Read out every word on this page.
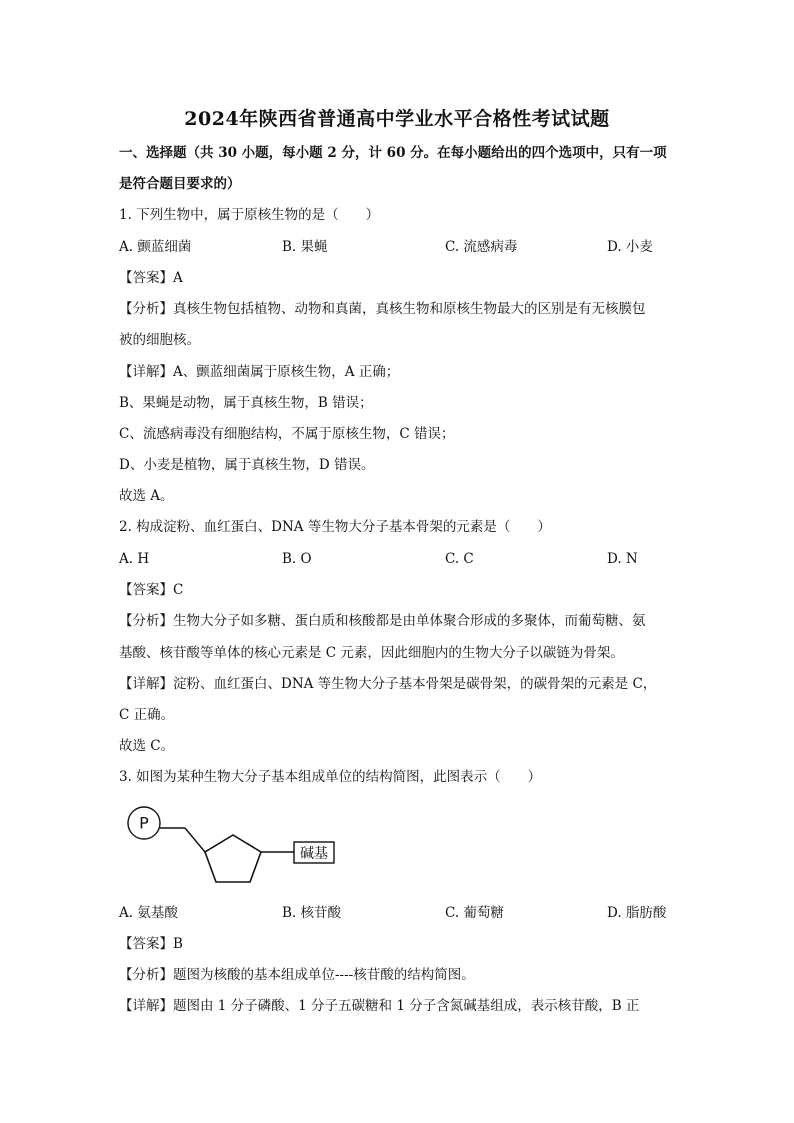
2024年陕西省普通高中学业水平合格性考试试题
一、选择题（共 30 小题，每小题 2 分，计 60 分。在每小题给出的四个选项中，只有一项
是符合题目要求的）
1. 下列生物中，属于原核生物的是（　　）
A. 颤蓝细菌	B. 果蝇	C. 流感病毒	D. 小麦
【答案】A
【分析】真核生物包括植物、动物和真菌，真核生物和原核生物最大的区别是有无核膜包
被的细胞核。
【详解】A、颤蓝细菌属于原核生物，A 正确；
B、果蝇是动物，属于真核生物，B 错误；
C、流感病毒没有细胞结构，不属于原核生物，C 错误；
D、小麦是植物，属于真核生物，D 错误。
故选 A。
2. 构成淀粉、血红蛋白、DNA 等生物大分子基本骨架的元素是（　　）
A. H	B. O	C. C	D. N
【答案】C
【分析】生物大分子如多糖、蛋白质和核酸都是由单体聚合形成的多聚体，而葡萄糖、氨
基酸、核苷酸等单体的核心元素是 C 元素，因此细胞内的生物大分子以碳链为骨架。
【详解】淀粉、血红蛋白、DNA 等生物大分子基本骨架是碳骨架，的碳骨架的元素是 C，
C 正确。
故选 C。
3. 如图为某种生物大分子基本组成单位的结构简图，此图表示（　　）
P
碱基
A. 氨基酸	B. 核苷酸	C. 葡萄糖	D. 脂肪酸
【答案】B
【分析】题图为核酸的基本组成单位----核苷酸的结构简图。
【详解】题图由 1 分子磷酸、1 分子五碳糖和 1 分子含氮碱基组成，表示核苷酸，B 正
